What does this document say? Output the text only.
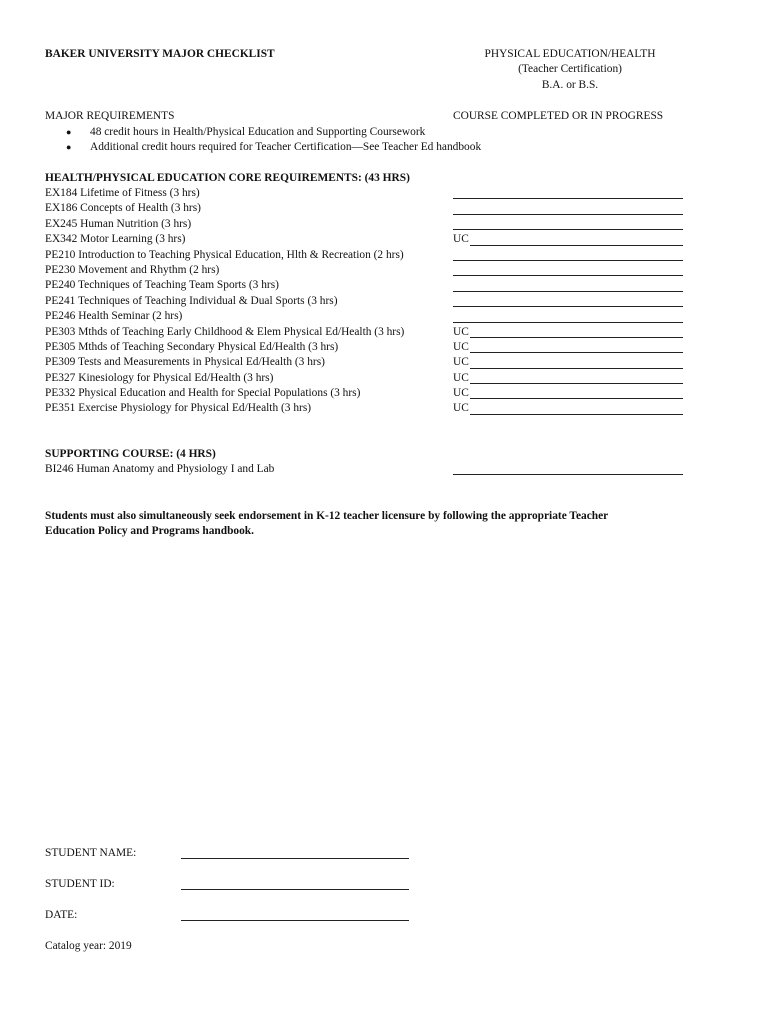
BAKER UNIVERSITY MAJOR CHECKLIST	PHYSICAL EDUCATION/HEALTH
(Teacher Certification)
B.A. or B.S.
MAJOR REQUIREMENTS	COURSE COMPLETED OR IN PROGRESS
●	48 credit hours in Health/Physical Education and Supporting Coursework
●	Additional credit hours required for Teacher Certification—See Teacher Ed handbook
HEALTH/PHYSICAL EDUCATION CORE REQUIREMENTS: (43 HRS)
EX184 Lifetime of Fitness (3 hrs)
EX186 Concepts of Health (3 hrs)
EX245 Human Nutrition (3 hrs)
EX342 Motor Learning (3 hrs)	UC
PE210 Introduction to Teaching Physical Education, Hlth & Recreation (2 hrs)
PE230 Movement and Rhythm (2 hrs)
PE240 Techniques of Teaching Team Sports (3 hrs)
PE241 Techniques of Teaching Individual & Dual Sports (3 hrs)
PE246 Health Seminar (2 hrs)
PE303 Mthds of Teaching Early Childhood & Elem Physical Ed/Health (3 hrs)	UC
PE305 Mthds of Teaching Secondary Physical Ed/Health (3 hrs)	UC
PE309 Tests and Measurements in Physical Ed/Health (3 hrs)	UC
PE327 Kinesiology for Physical Ed/Health (3 hrs)	UC
PE332 Physical Education and Health for Special Populations (3 hrs)	UC
PE351 Exercise Physiology for Physical Ed/Health (3 hrs)	UC
SUPPORTING COURSE: (4 HRS)
BI246 Human Anatomy and Physiology I and Lab
Students must also simultaneously seek endorsement in K-12 teacher licensure by following the appropriate Teacher
Education Policy and Programs handbook.
STUDENT NAME:
STUDENT ID:
DATE:
Catalog year: 2019
